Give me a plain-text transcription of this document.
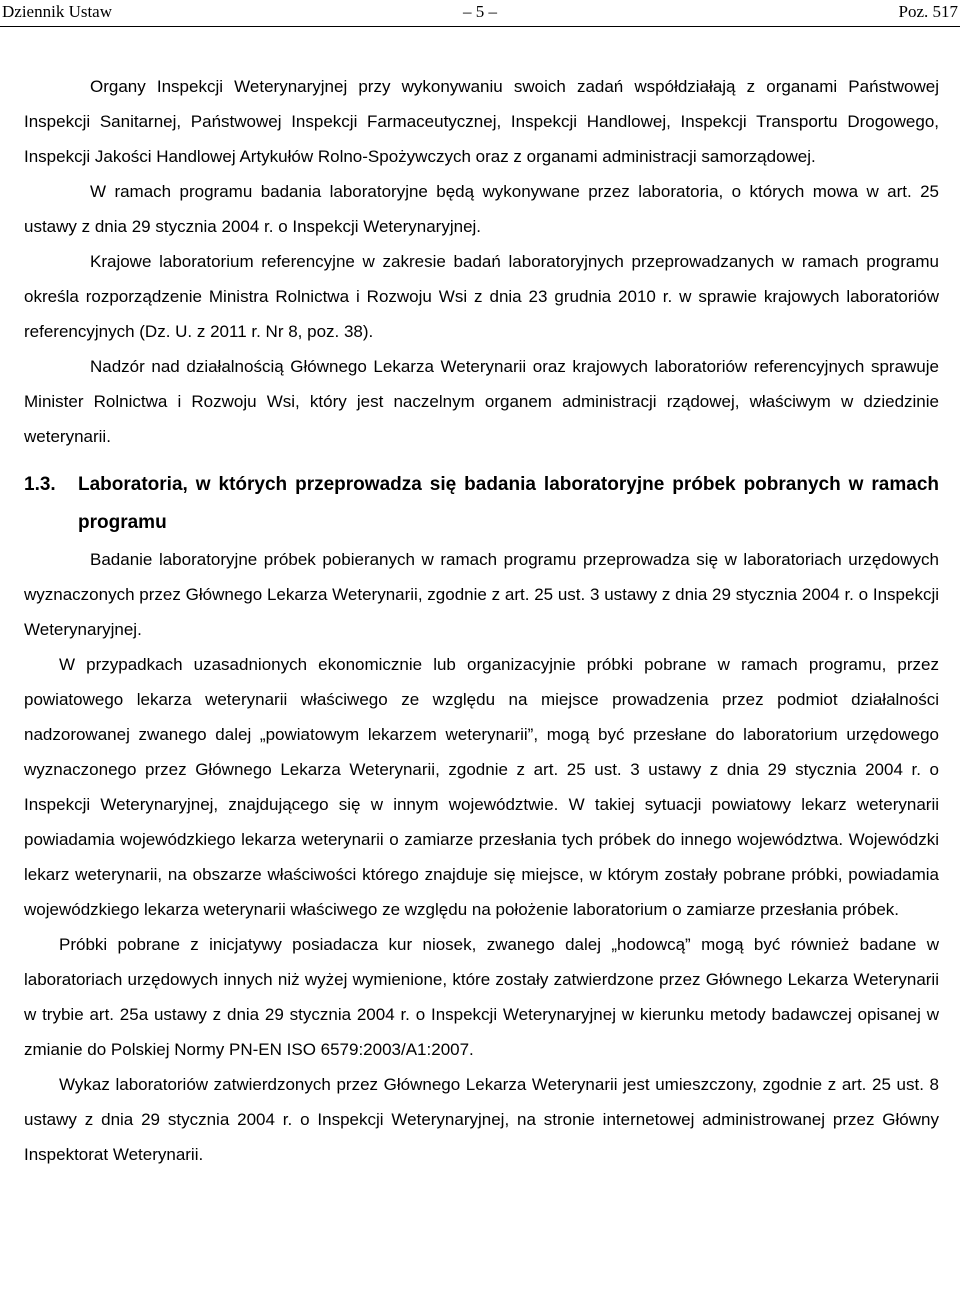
Dziennik Ustaw	– 5 –	Poz. 517

Organy Inspekcji Weterynaryjnej przy wykonywaniu swoich zadań współdziałają z organami Państwowej Inspekcji Sanitarnej, Państwowej Inspekcji Farmaceutycznej, Inspekcji Handlowej, Inspekcji Transportu Drogowego, Inspekcji Jakości Handlowej Artykułów Rolno-Spożywczych oraz z organami administracji samorządowej.

W ramach programu badania laboratoryjne będą wykonywane przez laboratoria, o których mowa w art. 25 ustawy z dnia 29 stycznia 2004 r. o Inspekcji Weterynaryjnej.

Krajowe laboratorium referencyjne w zakresie badań laboratoryjnych przeprowadzanych w ramach programu określa rozporządzenie Ministra Rolnictwa i Rozwoju Wsi z dnia 23 grudnia 2010 r. w sprawie krajowych laboratoriów referencyjnych (Dz. U. z 2011 r. Nr 8, poz. 38).

Nadzór nad działalnością Głównego Lekarza Weterynarii oraz krajowych laboratoriów referencyjnych sprawuje Minister Rolnictwa i Rozwoju Wsi, który jest naczelnym organem administracji rządowej, właściwym w dziedzinie weterynarii.

1.3.	Laboratoria, w których przeprowadza się badania laboratoryjne próbek pobranych w ramach programu

Badanie laboratoryjne próbek pobieranych w ramach programu przeprowadza się w laboratoriach urzędowych wyznaczonych przez Głównego Lekarza Weterynarii, zgodnie z art. 25 ust. 3 ustawy z dnia 29 stycznia 2004 r. o Inspekcji Weterynaryjnej.

W przypadkach uzasadnionych ekonomicznie lub organizacyjnie próbki pobrane w ramach programu, przez powiatowego lekarza weterynarii właściwego ze względu na miejsce prowadzenia przez podmiot działalności nadzorowanej zwanego dalej „powiatowym lekarzem weterynarii”, mogą być przesłane do laboratorium urzędowego wyznaczonego przez Głównego Lekarza Weterynarii, zgodnie z art. 25 ust. 3 ustawy z dnia 29 stycznia 2004 r. o Inspekcji Weterynaryjnej, znajdującego się w innym województwie. W takiej sytuacji powiatowy lekarz weterynarii powiadamia wojewódzkiego lekarza weterynarii o zamiarze przesłania tych próbek do innego województwa. Wojewódzki lekarz weterynarii, na obszarze właściwości którego znajduje się miejsce, w którym zostały pobrane próbki, powiadamia wojewódzkiego lekarza weterynarii właściwego ze względu na położenie laboratorium o zamiarze przesłania próbek.

Próbki pobrane z inicjatywy posiadacza kur niosek, zwanego dalej „hodowcą” mogą być również badane w laboratoriach urzędowych innych niż wyżej wymienione, które zostały zatwierdzone przez Głównego Lekarza Weterynarii w trybie art. 25a ustawy z dnia 29 stycznia 2004 r. o Inspekcji Weterynaryjnej w kierunku metody badawczej opisanej w zmianie do Polskiej Normy PN-EN ISO 6579:2003/A1:2007.

Wykaz laboratoriów zatwierdzonych przez Głównego Lekarza Weterynarii jest umieszczony, zgodnie z art. 25 ust. 8 ustawy z dnia 29 stycznia 2004 r. o Inspekcji Weterynaryjnej, na stronie internetowej administrowanej przez Główny Inspektorat Weterynarii.
